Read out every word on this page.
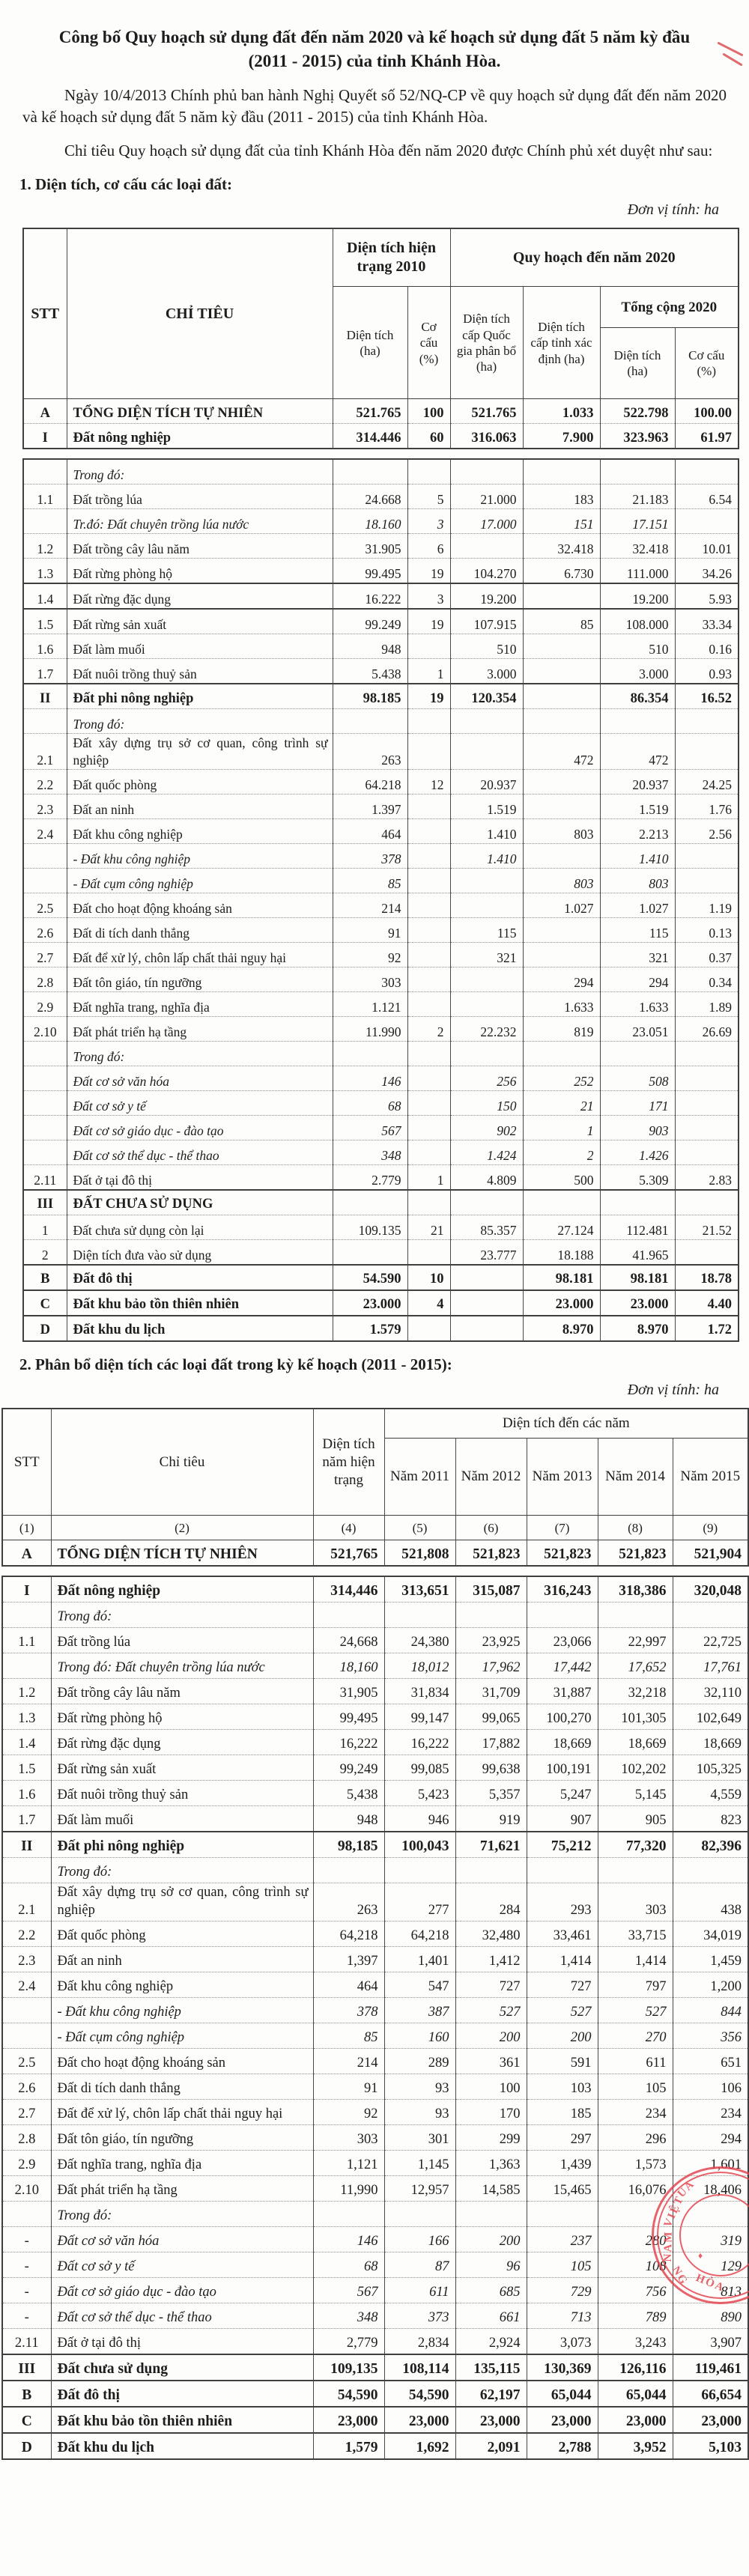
Công bố Quy hoạch sử dụng đất đến năm 2020 và kế hoạch sử dụng đất 5 năm kỳ đầu (2011 - 2015) của tỉnh Khánh Hòa.
Ngày 10/4/2013 Chính phủ ban hành Nghị Quyết số 52/NQ-CP về quy hoạch sử dụng đất đến năm 2020 và kế hoạch sử dụng đất 5 năm kỳ đầu (2011 - 2015) của tỉnh Khánh Hòa.
Chỉ tiêu Quy hoạch sử dụng đất của tỉnh Khánh Hòa đến năm 2020 được Chính phủ xét duyệt như sau:
1. Diện tích, cơ cấu các loại đất:
Đơn vị tính: ha
STT	CHỈ TIÊU	Diện tích hiện trạng 2010		Quy hoạch đến năm 2020			
		Diện tích (ha)	Cơ cấu (%)	Diện tích cấp Quốc gia phân bổ (ha)	Diện tích cấp tỉnh xác định (ha)	Tổng cộng 2020	
						Diện tích (ha)	Cơ cấu (%)
A	TỔNG DIỆN TÍCH TỰ NHIÊN	521.765	100	521.765	1.033	522.798	100.00
I	Đất nông nghiệp	314.446	60	316.063	7.900	323.963	61.97
	Trong đó:						
1.1	Đất trồng lúa	24.668	5	21.000	183	21.183	6.54
	Tr.đó: Đất chuyên trồng lúa nước	18.160	3	17.000	151	17.151	
1.2	Đất trồng cây lâu năm	31.905	6		32.418	32.418	10.01
1.3	Đất rừng phòng hộ	99.495	19	104.270	6.730	111.000	34.26
1.4	Đất rừng đặc dụng	16.222	3	19.200		19.200	5.93
1.5	Đất rừng sản xuất	99.249	19	107.915	85	108.000	33.34
1.6	Đất làm muối	948		510		510	0.16
1.7	Đất nuôi trồng thuỷ sản	5.438	1	3.000		3.000	0.93
II	Đất phi nông nghiệp	98.185	19	120.354		86.354	16.52
	Trong đó:						
2.1	Đất xây dựng trụ sở cơ quan, công trình sự nghiệp	263			472	472	
2.2	Đất quốc phòng	64.218	12	20.937		20.937	24.25
2.3	Đất an ninh	1.397		1.519		1.519	1.76
2.4	Đất khu công nghiệp	464		1.410	803	2.213	2.56
	- Đất khu công nghiệp	378		1.410		1.410	
	- Đất cụm công nghiệp	85			803	803	
2.5	Đất cho hoạt động khoáng sản	214			1.027	1.027	1.19
2.6	Đất di tích danh thắng	91		115		115	0.13
2.7	Đất để xử lý, chôn lấp chất thải nguy hại	92		321		321	0.37
2.8	Đất tôn giáo, tín ngưỡng	303			294	294	0.34
2.9	Đất nghĩa trang, nghĩa địa	1.121			1.633	1.633	1.89
2.10	Đất phát triển hạ tầng	11.990	2	22.232	819	23.051	26.69
	Trong đó:						
	Đất cơ sở văn hóa	146		256	252	508	
	Đất cơ sở y tế	68		150	21	171	
	Đất cơ sở giáo dục - đào tạo	567		902	1	903	
	Đất cơ sở thể dục - thể thao	348		1.424	2	1.426	
2.11	Đất ở tại đô thị	2.779	1	4.809	500	5.309	2.83
III	ĐẤT CHƯA SỬ DỤNG						
1	Đất chưa sử dụng còn lại	109.135	21	85.357	27.124	112.481	21.52
2	Diện tích đưa vào sử dụng			23.777	18.188	41.965	
B	Đất đô thị	54.590	10		98.181	98.181	18.78
C	Đất khu bảo tồn thiên nhiên	23.000	4		23.000	23.000	4.40
D	Đất khu du lịch	1.579			8.970	8.970	1.72
2. Phân bổ diện tích các loại đất trong kỳ kế hoạch (2011 - 2015):
Đơn vị tính: ha
STT	Chỉ tiêu	Diện tích năm hiện trạng	Diện tích đến các năm				
			Năm 2011	Năm 2012	Năm 2013	Năm 2014	Năm 2015
(1)	(2)	(4)	(5)	(6)	(7)	(8)	(9)
A	TỔNG DIỆN TÍCH TỰ NHIÊN	521,765	521,808	521,823	521,823	521,823	521,904
I	Đất nông nghiệp	314,446	313,651	315,087	316,243	318,386	320,048
	Trong đó:						
1.1	Đất trồng lúa	24,668	24,380	23,925	23,066	22,997	22,725
	Trong đó: Đất chuyên trồng lúa nước	18,160	18,012	17,962	17,442	17,652	17,761
1.2	Đất trồng cây lâu năm	31,905	31,834	31,709	31,887	32,218	32,110
1.3	Đất rừng phòng hộ	99,495	99,147	99,065	100,270	101,305	102,649
1.4	Đất rừng đặc dụng	16,222	16,222	17,882	18,669	18,669	18,669
1.5	Đất rừng sản xuất	99,249	99,085	99,638	100,191	102,202	105,325
1.6	Đất nuôi trồng thuỷ sản	5,438	5,423	5,357	5,247	5,145	4,559
1.7	Đất làm muối	948	946	919	907	905	823
II	Đất phi nông nghiệp	98,185	100,043	71,621	75,212	77,320	82,396
	Trong đó:						
2.1	Đất xây dựng trụ sở cơ quan, công trình sự nghiệp	263	277	284	293	303	438
2.2	Đất quốc phòng	64,218	64,218	32,480	33,461	33,715	34,019
2.3	Đất an ninh	1,397	1,401	1,412	1,414	1,414	1,459
2.4	Đất khu công nghiệp	464	547	727	727	797	1,200
	- Đất khu công nghiệp	378	387	527	527	527	844
	- Đất cụm công nghiệp	85	160	200	200	270	356
2.5	Đất cho hoạt động khoáng sản	214	289	361	591	611	651
2.6	Đất di tích danh thắng	91	93	100	103	105	106
2.7	Đất để xử lý, chôn lấp chất thải nguy hại	92	93	170	185	234	234
2.8	Đất tôn giáo, tín ngưỡng	303	301	299	297	296	294
2.9	Đất nghĩa trang, nghĩa địa	1,121	1,145	1,363	1,439	1,573	1,601
2.10	Đất phát triển hạ tầng	11,990	12,957	14,585	15,465	16,076	18,406
	Trong đó:						
-	Đất cơ sở văn hóa	146	166	200	237	280	319
-	Đất cơ sở y tế	68	87	96	105	108	129
-	Đất cơ sở giáo dục - đào tạo	567	611	685	729	756	813
-	Đất cơ sở thể dục - thể thao	348	373	661	713	789	890
2.11	Đất ở tại đô thị	2,779	2,834	2,924	3,073	3,243	3,907
III	Đất chưa sử dụng	109,135	108,114	135,115	130,369	126,116	119,461
B	Đất đô thị	54,590	54,590	62,197	65,044	65,044	66,654
C	Đất khu bảo tồn thiên nhiên	23,000	23,000	23,000	23,000	23,000	23,000
D	Đất khu du lịch	1,579	1,692	2,091	2,788	3,952	5,103
ỦA
VIỆT
NAM
NG
♦
HÒA
